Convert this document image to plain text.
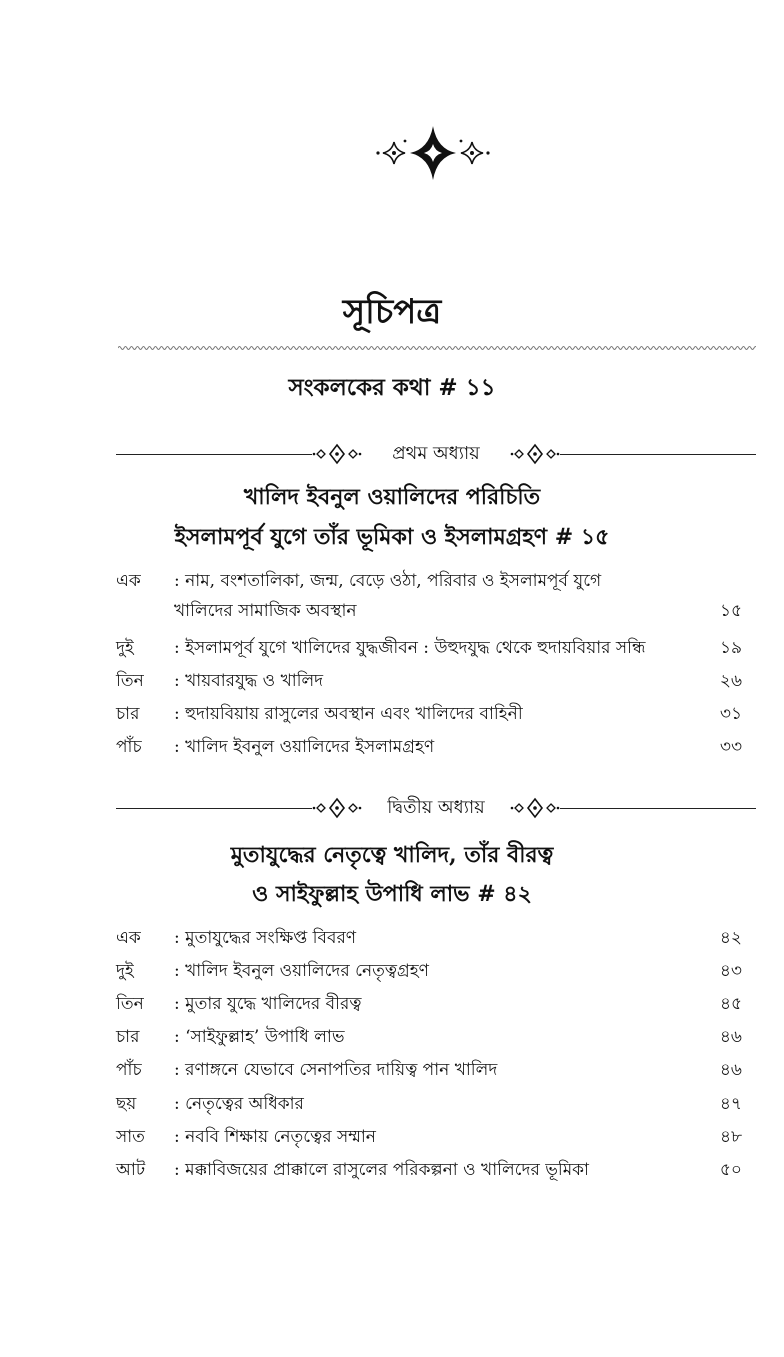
সূচিপত্র
সংকলকের কথা # ১১
প্রথম অধ্যায়
খালিদ ইবনুল ওয়ালিদের পরিচিতি
ইসলামপূর্ব যুগে তাঁর ভূমিকা ও ইসলামগ্রহণ # ১৫
এক : নাম, বংশতালিকা, জন্ম, বেড়ে ওঠা, পরিবার ও ইসলামপূর্ব যুগে
খালিদের সামাজিক অবস্থান	১৫
দুই : ইসলামপূর্ব যুগে খালিদের যুদ্ধজীবন : উহুদযুদ্ধ থেকে হুদায়বিয়ার সন্ধি	১৯
তিন : খায়বারযুদ্ধ ও খালিদ	২৬
চার : হুদায়বিয়ায় রাসুলের অবস্থান এবং খালিদের বাহিনী	৩১
পাঁচ : খালিদ ইবনুল ওয়ালিদের ইসলামগ্রহণ	৩৩
দ্বিতীয় অধ্যায়
মুতাযুদ্ধের নেতৃত্বে খালিদ, তাঁর বীরত্ব
ও সাইফুল্লাহ উপাধি লাভ # ৪২
এক : মুতাযুদ্ধের সংক্ষিপ্ত বিবরণ	৪২
দুই : খালিদ ইবনুল ওয়ালিদের নেতৃত্বগ্রহণ	৪৩
তিন : মুতার যুদ্ধে খালিদের বীরত্ব	৪৫
চার : ‘সাইফুল্লাহ’ উপাধি লাভ	৪৬
পাঁচ : রণাঙ্গনে যেভাবে সেনাপতির দায়িত্ব পান খালিদ	৪৬
ছয় : নেতৃত্বের অধিকার	৪৭
সাত : নববি শিক্ষায় নেতৃত্বের সম্মান	৪৮
আট : মক্কাবিজয়ের প্রাক্কালে রাসুলের পরিকল্পনা ও খালিদের ভূমিকা	৫০
